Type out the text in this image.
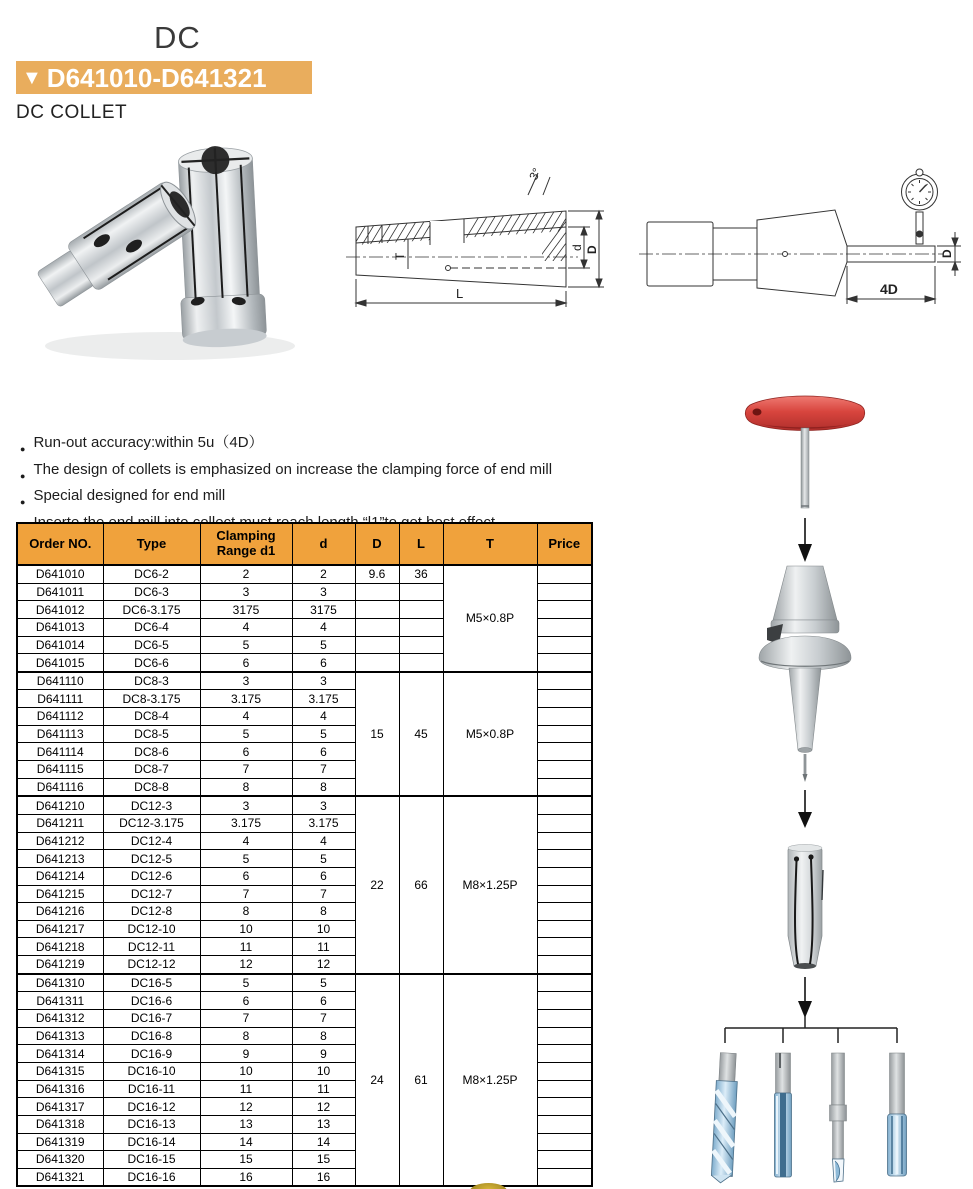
DC
▼ D641010-D641321
DC COLLET
3°
T
d D
L
D
4D
● Run-out accuracy:within 5u（4D）
● The design of collets is emphasized on increase the clamping force of end mill
● Special designed for end mill
Order NO.	Type	Clamping Range d1	d	D	L	T	Price
D641010	DC6-2	2	2	9.6	36	M5×0.8P	
D641011	DC6-3	3	3				
D641012	DC6-3.175	3175	3175				
D641013	DC6-4	4	4				
D641014	DC6-5	5	5				
D641015	DC6-6	6	6				
D641110	DC8-3	3	3	15	45	M5×0.8P	
D641111	DC8-3.175	3.175	3.175				
D641112	DC8-4	4	4				
D641113	DC8-5	5	5				
D641114	DC8-6	6	6				
D641115	DC8-7	7	7				
D641116	DC8-8	8	8				
D641210	DC12-3	3	3	22	66	M8×1.25P	
D641211	DC12-3.175	3.175	3.175				
D641212	DC12-4	4	4				
D641213	DC12-5	5	5				
D641214	DC12-6	6	6				
D641215	DC12-7	7	7				
D641216	DC12-8	8	8				
D641217	DC12-10	10	10				
D641218	DC12-11	11	11				
D641219	DC12-12	12	12				
D641310	DC16-5	5	5	24	61	M8×1.25P	
D641311	DC16-6	6	6				
D641312	DC16-7	7	7				
D641313	DC16-8	8	8				
D641314	DC16-9	9	9				
D641315	DC16-10	10	10				
D641316	DC16-11	11	11				
D641317	DC16-12	12	12				
D641318	DC16-13	13	13				
D641319	DC16-14	14	14				
D641320	DC16-15	15	15				
D641321	DC16-16	16	16				
